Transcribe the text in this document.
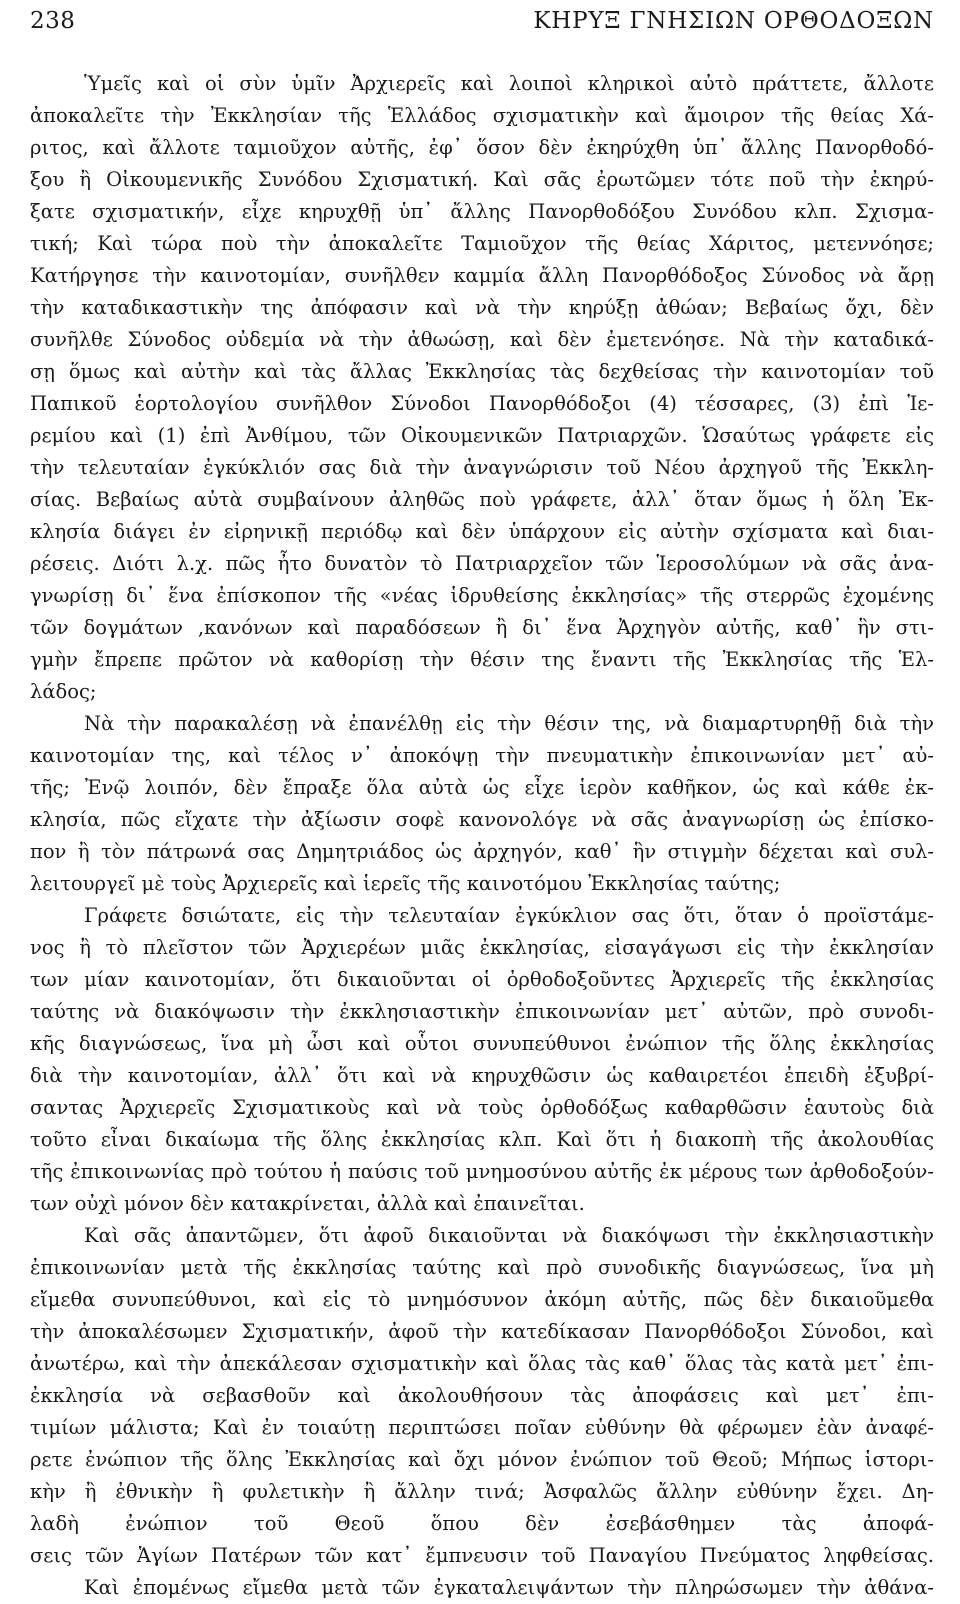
238	ΚΗΡΥΞ ΓΝΗΣΙΩΝ ΟΡΘΟΔΟΞΩΝ
Ὑμεῖς καὶ οἱ σὺν ὑμῖν Ἀρχιερεῖς καὶ λοιποὶ κληρικοὶ αὐτὸ πράττετε, ἄλλοτε
ἀποκαλεῖτε τὴν Ἐκκλησίαν τῆς Ἑλλάδος σχισματικὴν καὶ ἄμοιρον τῆς θείας Χά-
ριτος, καὶ ἄλλοτε ταμιοῦχον αὐτῆς, ἐφ᾽ ὅσον δὲν ἐκηρύχθη ὑπ᾽ ἄλλης Πανορθοδό-
ξου ἢ Οἰκουμενικῆς Συνόδου Σχισματική. Καὶ σᾶς ἐρωτῶμεν τότε ποῦ τὴν ἐκηρύ-
ξατε σχισματικήν, εἶχε κηρυχθῇ ὑπ᾽ ἄλλης Πανορθοδόξου Συνόδου κλπ. Σχισμα-
τική; Καὶ τώρα ποὺ τὴν ἀποκαλεῖτε Ταμιοῦχον τῆς θείας Χάριτος, μετεννόησε;
Κατήργησε τὴν καινοτομίαν, συνῆλθεν καμμία ἄλλη Πανορθόδοξος Σύνοδος νὰ ἄρῃ
τὴν καταδικαστικὴν της ἀπόφασιν καὶ νὰ τὴν κηρύξῃ ἀθώαν; Βεβαίως ὄχι, δὲν
συνῆλθε Σύνοδος οὐδεμία νὰ τὴν ἀθωώσῃ, καὶ δὲν ἐμετενόησε. Νὰ τὴν καταδικά-
σῃ ὅμως καὶ αὐτὴν καὶ τὰς ἄλλας Ἐκκλησίας τὰς δεχθείσας τὴν καινοτομίαν τοῦ
Παπικοῦ ἑορτολογίου συνῆλθον Σύνοδοι Πανορθόδοξοι (4) τέσσαρες, (3) ἐπὶ Ἱε-
ρεμίου καὶ (1) ἐπὶ Ἀνθίμου, τῶν Οἰκουμενικῶν Πατριαρχῶν. Ὡσαύτως γράφετε εἰς
τὴν τελευταίαν ἐγκύκλιόν σας διὰ τὴν ἀναγνώρισιν τοῦ Νέου ἀρχηγοῦ τῆς Ἐκκλη-
σίας. Βεβαίως αὐτὰ συμβαίνουν ἀληθῶς ποὺ γράφετε, ἀλλ᾽ ὅταν ὅμως ἡ ὅλη Ἐκ-
κλησία διάγει ἐν εἰρηνικῇ περιόδῳ καὶ δὲν ὑπάρχουν εἰς αὐτὴν σχίσματα καὶ διαι-
ρέσεις. Διότι λ.χ. πῶς ἦτο δυνατὸν τὸ Πατριαρχεῖον τῶν Ἱεροσολύμων νὰ σᾶς ἀνα-
γνωρίσῃ δι᾽ ἕνα ἐπίσκοπον τῆς «νέας ἱδρυθείσης ἐκκλησίας» τῆς στερρῶς ἐχομένης
τῶν δογμάτων ,κανόνων καὶ παραδόσεων ἢ δι᾽ ἕνα Ἀρχηγὸν αὐτῆς, καθ᾽ ἣν στι-
γμὴν ἔπρεπε πρῶτον νὰ καθορίσῃ τὴν θέσιν της ἔναντι τῆς Ἐκκλησίας τῆς Ἑλ-
λάδος;
Νὰ τὴν παρακαλέσῃ νὰ ἐπανέλθῃ εἰς τὴν θέσιν της, νὰ διαμαρτυρηθῇ διὰ τὴν
καινοτομίαν της, καὶ τέλος ν᾽ ἀποκόψῃ τὴν πνευματικὴν ἐπικοινωνίαν μετ᾽ αὐ-
τῆς; Ἐνῷ λοιπόν, δὲν ἔπραξε ὅλα αὐτὰ ὡς εἶχε ἱερὸν καθῆκον, ὡς καὶ κάθε ἐκ-
κλησία, πῶς εἴχατε τὴν ἀξίωσιν σοφὲ κανονολόγε νὰ σᾶς ἀναγνωρίσῃ ὡς ἐπίσκο-
πον ἢ τὸν πάτρωνά σας Δημητριάδος ὡς ἀρχηγόν, καθ᾽ ἣν στιγμὴν δέχεται καὶ συλ-
λειτουργεῖ μὲ τοὺς Ἀρχιερεῖς καὶ ἱερεῖς τῆς καινοτόμου Ἐκκλησίας ταύτης;
Γράφετε δσιώτατε, εἰς τὴν τελευταίαν ἐγκύκλιον σας ὅτι, ὅταν ὁ προϊστάμε-
νος ἢ τὸ πλεῖστον τῶν Ἀρχιερέων μιᾶς ἐκκλησίας, εἰσαγάγωσι εἰς τὴν ἐκκλησίαν
των μίαν καινοτομίαν, ὅτι δικαιοῦνται οἱ ὀρθοδοξοῦντες Ἀρχιερεῖς τῆς ἐκκλησίας
ταύτης νὰ διακόψωσιν τὴν ἐκκλησιαστικὴν ἐπικοινωνίαν μετ᾽ αὐτῶν, πρὸ συνοδι-
κῆς διαγνώσεως, ἵνα μὴ ὦσι καὶ οὗτοι συνυπεύθυνοι ἐνώπιον τῆς ὅλης ἐκκλησίας
διὰ τὴν καινοτομίαν, ἀλλ᾽ ὅτι καὶ νὰ κηρυχθῶσιν ὡς καθαιρετέοι ἐπειδὴ ἐξυβρί-
σαντας Ἀρχιερεῖς Σχισματικοὺς καὶ νὰ τοὺς ὀρθοδόξως καθαρθῶσιν ἑαυτοὺς διὰ
τοῦτο εἶναι δικαίωμα τῆς ὅλης ἐκκλησίας κλπ. Καὶ ὅτι ἡ διακοπὴ τῆς ἀκολουθίας
τῆς ἐπικοινωνίας πρὸ τούτου ἡ παύσις τοῦ μνημοσύνου αὐτῆς ἐκ μέρους των ἀρθοδοξούν-
των οὐχὶ μόνον δὲν κατακρίνεται, ἀλλὰ καὶ ἐπαινεῖται.
Καὶ σᾶς ἀπαντῶμεν, ὅτι ἀφοῦ δικαιοῦνται νὰ διακόψωσι τὴν ἐκκλησιαστικὴν
ἐπικοινωνίαν μετὰ τῆς ἐκκλησίας ταύτης καὶ πρὸ συνοδικῆς διαγνώσεως, ἵνα μὴ
εἴμεθα συνυπεύθυνοι, καὶ εἰς τὸ μνημόσυνον ἀκόμη αὐτῆς, πῶς δὲν δικαιοῦμεθα
τὴν ἀποκαλέσωμεν Σχισματικήν, ἀφοῦ τὴν κατεδίκασαν Πανορθόδοξοι Σύνοδοι, καὶ
ἀνωτέρω, καὶ τὴν ἀπεκάλεσαν σχισματικὴν καὶ ὅλας τὰς καθ᾽ ὅλας τὰς κατὰ μετ᾽ ἐπι-
ἐκκλησία νὰ σεβασθοῦν καὶ ἀκολουθήσουν τὰς ἀποφάσεις καὶ μετ᾽ ἐπι-
τιμίων μάλιστα; Καὶ ἐν τοιαύτῃ περιπτώσει ποῖαν εὐθύνην θὰ φέρωμεν ἐὰν ἀναφέ-
ρετε ἐνώπιον τῆς ὅλης Ἐκκλησίας καὶ ὄχι μόνον ἐνώπιον τοῦ Θεοῦ; Μήπως ἱστορι-
κὴν ἢ ἐθνικὴν ἢ φυλετικὴν ἢ ἄλλην τινά; Ἀσφαλῶς ἄλλην εὐθύνην ἔχει. Δη-
λαδὴ ἐνώπιον τοῦ Θεοῦ ὅπου δὲν ἐσεβάσθημεν τὰς ἀποφά-
σεις τῶν Ἁγίων Πατέρων τῶν κατ᾽ ἔμπνευσιν τοῦ Παναγίου Πνεύματος ληφθείσας.
Καὶ ἐπομένως εἴμεθα μετὰ τῶν ἐγκαταλειψάντων τὴν πληρώσωμεν τὴν ἀθάνα-
